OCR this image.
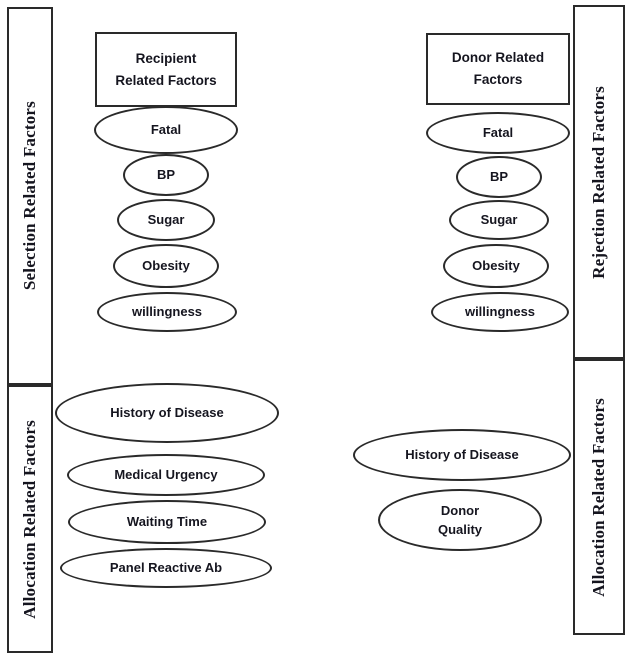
Selection Related Factors
Allocation Related Factors
Rejection Related Factors
Allocation Related Factors
Recipient
Related Factors
Donor Related
Factors
Fatal
BP
Sugar
Obesity
willingness
History of Disease
Medical Urgency
Waiting Time
Panel Reactive Ab
Fatal
BP
Sugar
Obesity
willingness
History of Disease
Donor
Quality
